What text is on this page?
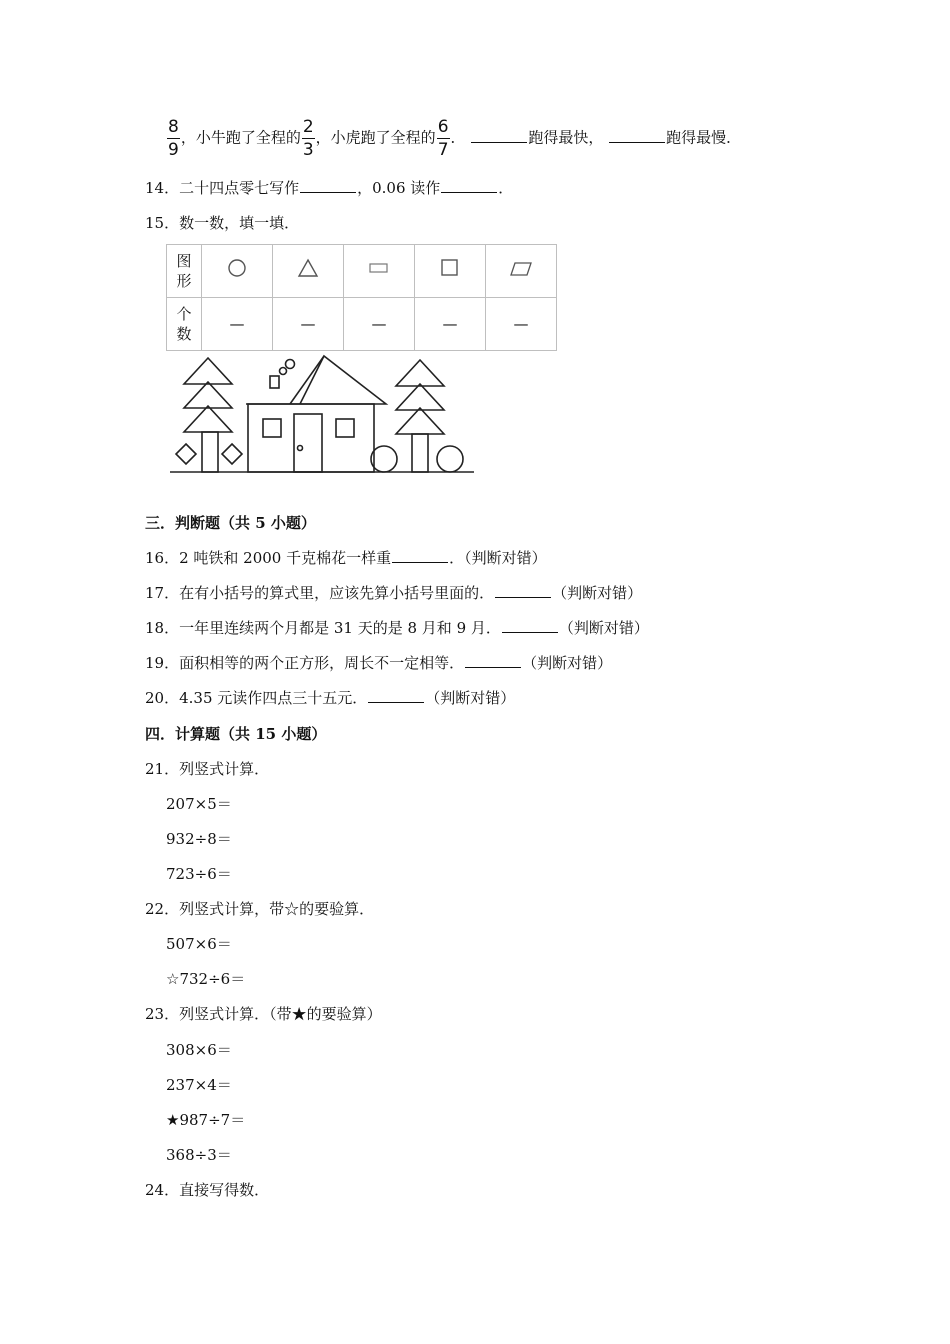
$\frac{8}{9}$ ，小牛跑了全程的 $\frac{2}{3}$ ，小虎跑了全程的 $\frac{6}{7}$ ．	跑得最快，	跑得最慢．
14．二十四点零七写作	，0.06 读作	．
15．数一数，填一填．
图
形					
个
数	—	—	—	—	—
三．判断题（共 5 小题）
16．2 吨铁和 2000 千克棉花一样重	．（判断对错）
17．在有小括号的算式里，应该先算小括号里面的．	（判断对错）
18．一年里连续两个月都是 31 天的是 8 月和 9 月．	（判断对错）
19．面积相等的两个正方形，周长不一定相等．	（判断对错）
20．4.35 元读作四点三十五元．	（判断对错）
四．计算题（共 15 小题）
21．列竖式计算．
207×5＝
932÷8＝
723÷6＝
22．列竖式计算，带☆的要验算．
507×6＝
☆732÷6＝
23．列竖式计算．（带★的要验算）
308×6＝
237×4＝
★987÷7＝
368÷3＝
24．直接写得数．
